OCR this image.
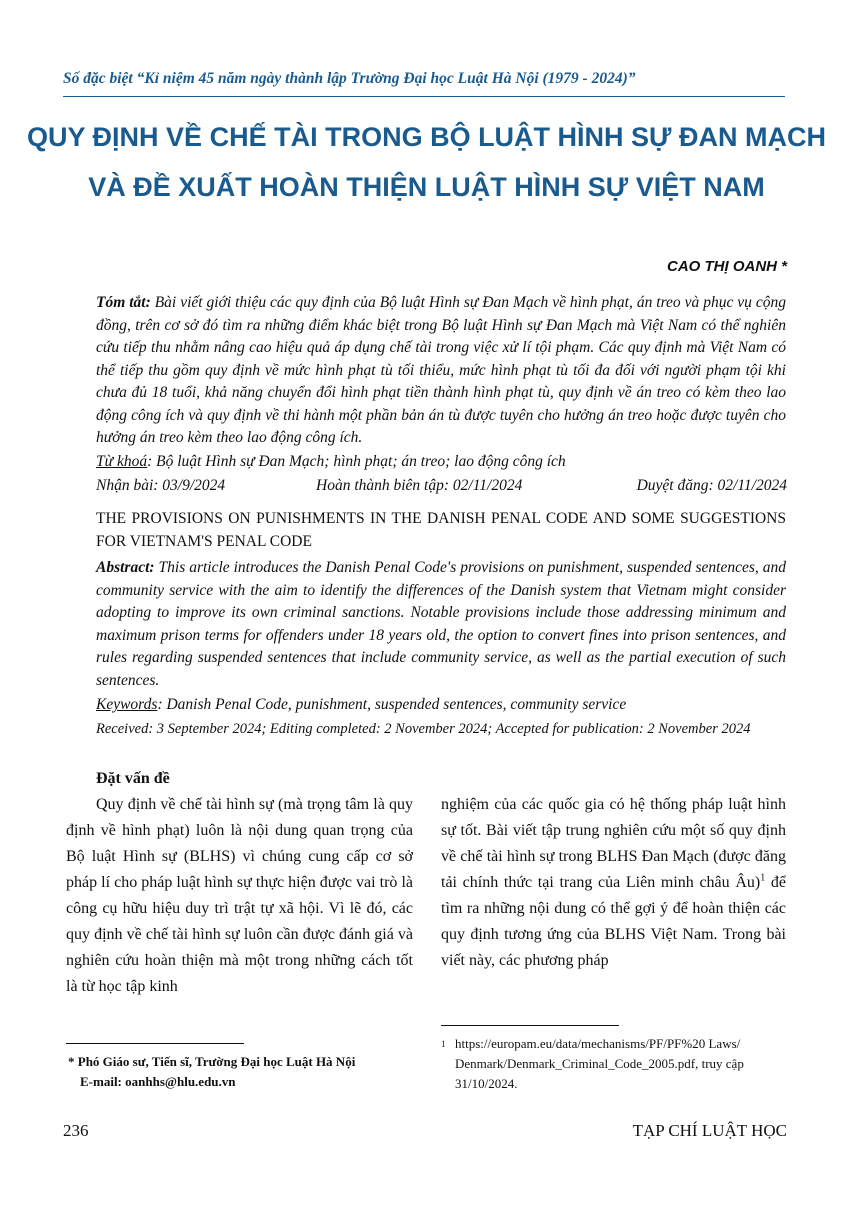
Số đặc biệt “Kỉ niệm 45 năm ngày thành lập Trường Đại học Luật Hà Nội (1979 - 2024)”
QUY ĐỊNH VỀ CHẾ TÀI TRONG BỘ LUẬT HÌNH SỰ ĐAN MẠCH
VÀ ĐỀ XUẤT HOÀN THIỆN LUẬT HÌNH SỰ VIỆT NAM
CAO THỊ OANH *
Tóm tắt: Bài viết giới thiệu các quy định của Bộ luật Hình sự Đan Mạch về hình phạt, án treo và phục vụ cộng đồng, trên cơ sở đó tìm ra những điểm khác biệt trong Bộ luật Hình sự Đan Mạch mà Việt Nam có thể nghiên cứu tiếp thu nhằm nâng cao hiệu quả áp dụng chế tài trong việc xử lí tội phạm. Các quy định mà Việt Nam có thể tiếp thu gồm quy định về mức hình phạt tù tối thiểu, mức hình phạt tù tối đa đối với người phạm tội khi chưa đủ 18 tuổi, khả năng chuyển đổi hình phạt tiền thành hình phạt tù, quy định về án treo có kèm theo lao động công ích và quy định về thi hành một phần bản án tù được tuyên cho hưởng án treo hoặc được tuyên cho hưởng án treo kèm theo lao động công ích.
Từ khoá: Bộ luật Hình sự Đan Mạch; hình phạt; án treo; lao động công ích
Nhận bài: 03/9/2024	Hoàn thành biên tập: 02/11/2024	Duyệt đăng: 02/11/2024
THE PROVISIONS ON PUNISHMENTS IN THE DANISH PENAL CODE AND SOME SUGGESTIONS FOR VIETNAM'S PENAL CODE
Abstract: This article introduces the Danish Penal Code's provisions on punishment, suspended sentences, and community service with the aim to identify the differences of the Danish system that Vietnam might consider adopting to improve its own criminal sanctions. Notable provisions include those addressing minimum and maximum prison terms for offenders under 18 years old, the option to convert fines into prison sentences, and rules regarding suspended sentences that include community service, as well as the partial execution of such sentences.
Keywords: Danish Penal Code, punishment, suspended sentences, community service
Received: 3 September 2024; Editing completed: 2 November 2024; Accepted for publication: 2 November 2024
Đặt vấn đề
Quy định về chế tài hình sự (mà trọng tâm là quy định về hình phạt) luôn là nội dung quan trọng của Bộ luật Hình sự (BLHS) vì chúng cung cấp cơ sở pháp lí cho pháp luật hình sự thực hiện được vai trò là công cụ hữu hiệu duy trì trật tự xã hội. Vì lẽ đó, các quy định về chế tài hình sự luôn cần được đánh giá và nghiên cứu hoàn thiện mà một trong những cách tốt là từ học tập kinh
nghiệm của các quốc gia có hệ thống pháp luật hình sự tốt. Bài viết tập trung nghiên cứu một số quy định về chế tài hình sự trong BLHS Đan Mạch (được đăng tải chính thức tại trang của Liên minh châu Âu)$^1$ để tìm ra những nội dung có thể gợi ý để hoàn thiện các quy định tương ứng của BLHS Việt Nam. Trong bài viết này, các phương pháp
* Phó Giáo sư, Tiến sĩ, Trường Đại học Luật Hà Nội
E-mail: oanhhs@hlu.edu.vn
1 https://europam.eu/data/mechanisms/PF/PF%20 Laws/ Denmark/Denmark_Criminal_Code_2005.pdf, truy cập 31/10/2024.
236	TẠP CHÍ LUẬT HỌC
